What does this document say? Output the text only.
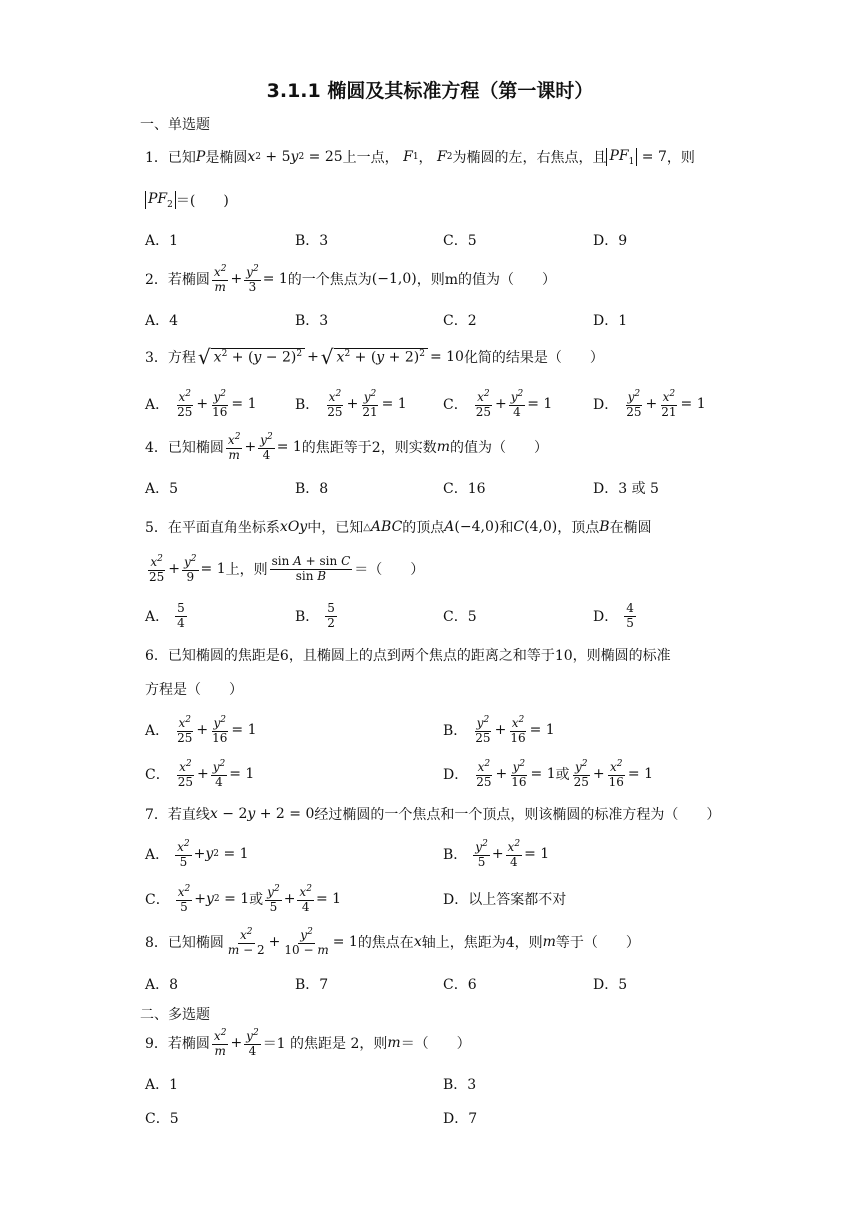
3.1.1 椭圆及其标准方程（第一课时）
一、单选题
1． 已知 P 是椭圆 x 2 + 5 y 2 = 25 上一点，
F 1 ， F 2 为椭圆的左，右焦点，且 $PF_1 = 7$ ，则
$PF_2$ ＝(　　)
A．1	B．3	C．5	D．9
2． 若椭圆 $\frac{x^2}{m} + \frac{y^2}{3} = 1$ 的一个焦点为 (−1,0) ，则m的值为（　　）
A．4	B．3	C．2	D．1
3． 方程 √ $x^2 + (y - 2)^2$ + √ $x^2 + (y + 2)^2 = 10$ 化简的结果是（　　）
A． $\frac{x^2}{25} + \frac{y^2}{16} = 1$	B． $\frac{x^2}{25} + \frac{y^2}{21} = 1$	C． $\frac{x^2}{25} + \frac{y^2}{4} = 1$	D． $\frac{y^2}{25} + \frac{x^2}{21} = 1$
4． 已知椭圆 $\frac{x^2}{m} + \frac{y^2}{4} = 1$ 的焦距等于2，则实数 m 的值为（　　）
A．5	B．8	C．16	D．3 或 5
5． 在平面直角坐标系 xOy 中，已知 △ ABC 的顶点 A (−4,0) 和 C (4,0) ，顶点 B 在椭圆
$\frac{x^2}{25} + \frac{y^2}{9} = 1$ 上，则 $\frac{\text{sin A + sin C}}{\text{sin B}}$ ＝（　　）
A． $\frac{5}{4}$	B． $\frac{5}{2}$	C．5	D． $\frac{4}{5}$
6． 已知椭圆的焦距是6，且椭圆上的点到两个焦点的距离之和等于10，则椭圆的标准
方程是（　　）
A． $\frac{x^2}{25} + \frac{y^2}{16} = 1$	B． $\frac{y^2}{25} + \frac{x^2}{16} = 1$
C． $\frac{x^2}{25} + \frac{y^2}{4} = 1$	D． $\frac{x^2}{25} + \frac{y^2}{16} = 1$ 或 $\frac{y^2}{25} + \frac{x^2}{16} = 1$
7． 若直线 x − 2 y + 2 = 0 经过椭圆的一个焦点和一个顶点，则该椭圆的标准方程为（　　）
A． $\frac{x^2}{5} + y$ 2 = 1	B． $\frac{y^2}{5} + \frac{x^2}{4} = 1$
C． $\frac{x^2}{5} + y$ 2 = 1 或 $\frac{y^2}{5} + \frac{x^2}{4} = 1$	D．以上答案都不对
8． 已知椭圆 $\frac{x^2}{m - 2} + \frac{y^2}{10 - m} = 1$ 的焦点在 x 轴上，焦距为4，则 m 等于（　　）
A．8	B．7	C．6	D．5
二、多选题
9． 若椭圆 $\frac{x^2}{m} + \frac{y^2}{4} =1$ 的焦距是 2，则 m ＝（　　）
A．1	B．3
C．5	D．7
